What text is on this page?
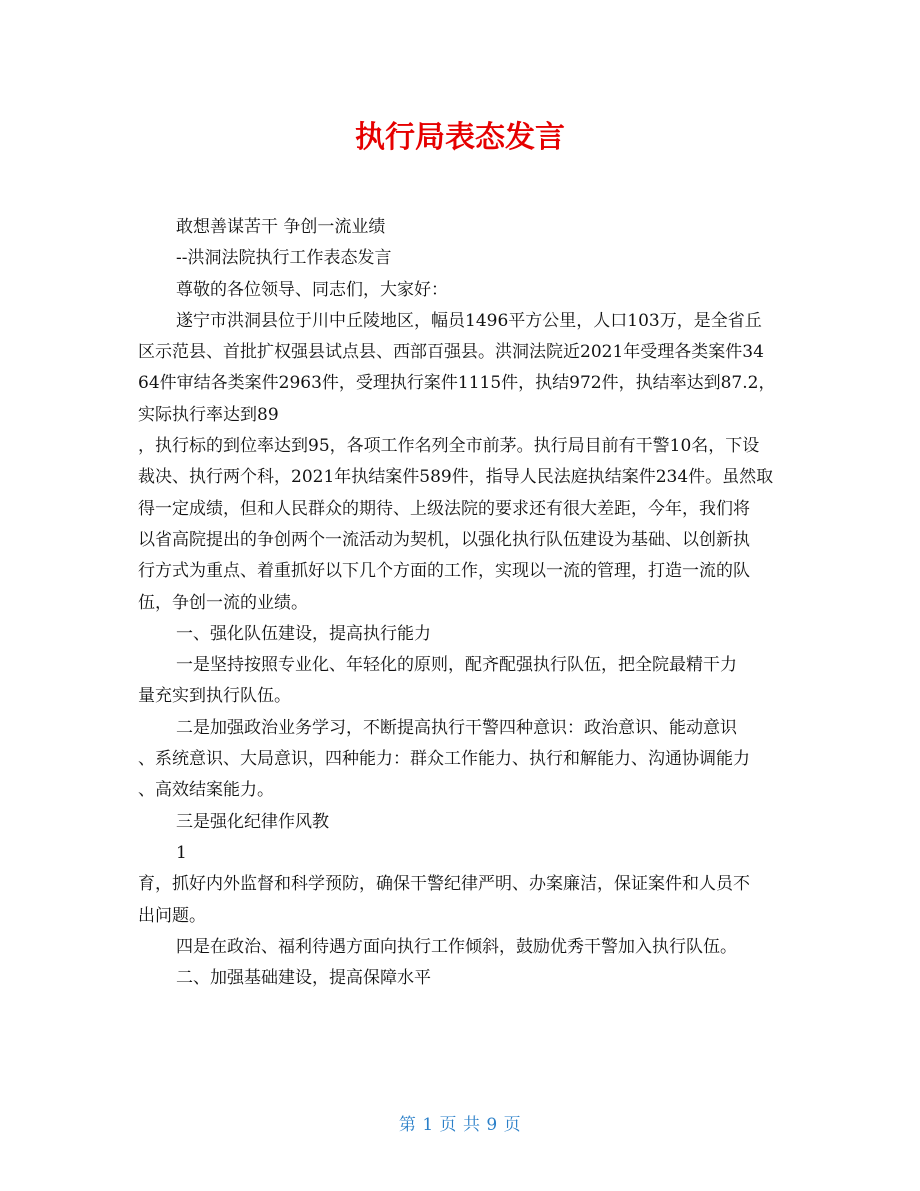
执行局表态发言

敢想善谋苦干 争创一流业绩

--洪洞法院执行工作表态发言

尊敬的各位领导、同志们，大家好：

遂宁市洪洞县位于川中丘陵地区，幅员1496平方公里，人口103万，是全省丘

区示范县、首批扩权强县试点县、西部百强县。洪洞法院近2021年受理各类案件34

64件审结各类案件2963件，受理执行案件1115件，执结972件，执结率达到87.2，

实际执行率达到89

，执行标的到位率达到95，各项工作名列全市前茅。执行局目前有干警10名，下设

裁决、执行两个科，2021年执结案件589件，指导人民法庭执结案件234件。虽然取

得一定成绩，但和人民群众的期待、上级法院的要求还有很大差距，今年，我们将

以省高院提出的争创两个一流活动为契机，以强化执行队伍建设为基础、以创新执

行方式为重点、着重抓好以下几个方面的工作，实现以一流的管理，打造一流的队

伍，争创一流的业绩。

一、强化队伍建设，提高执行能力

一是坚持按照专业化、年轻化的原则，配齐配强执行队伍，把全院最精干力

量充实到执行队伍。

二是加强政治业务学习，不断提高执行干警四种意识：政治意识、能动意识

、系统意识、大局意识，四种能力：群众工作能力、执行和解能力、沟通协调能力

、高效结案能力。

三是强化纪律作风教

1

育，抓好内外监督和科学预防，确保干警纪律严明、办案廉洁，保证案件和人员不

出问题。

四是在政治、福利待遇方面向执行工作倾斜，鼓励优秀干警加入执行队伍。

二、加强基础建设，提高保障水平

第 1 页 共 9 页
